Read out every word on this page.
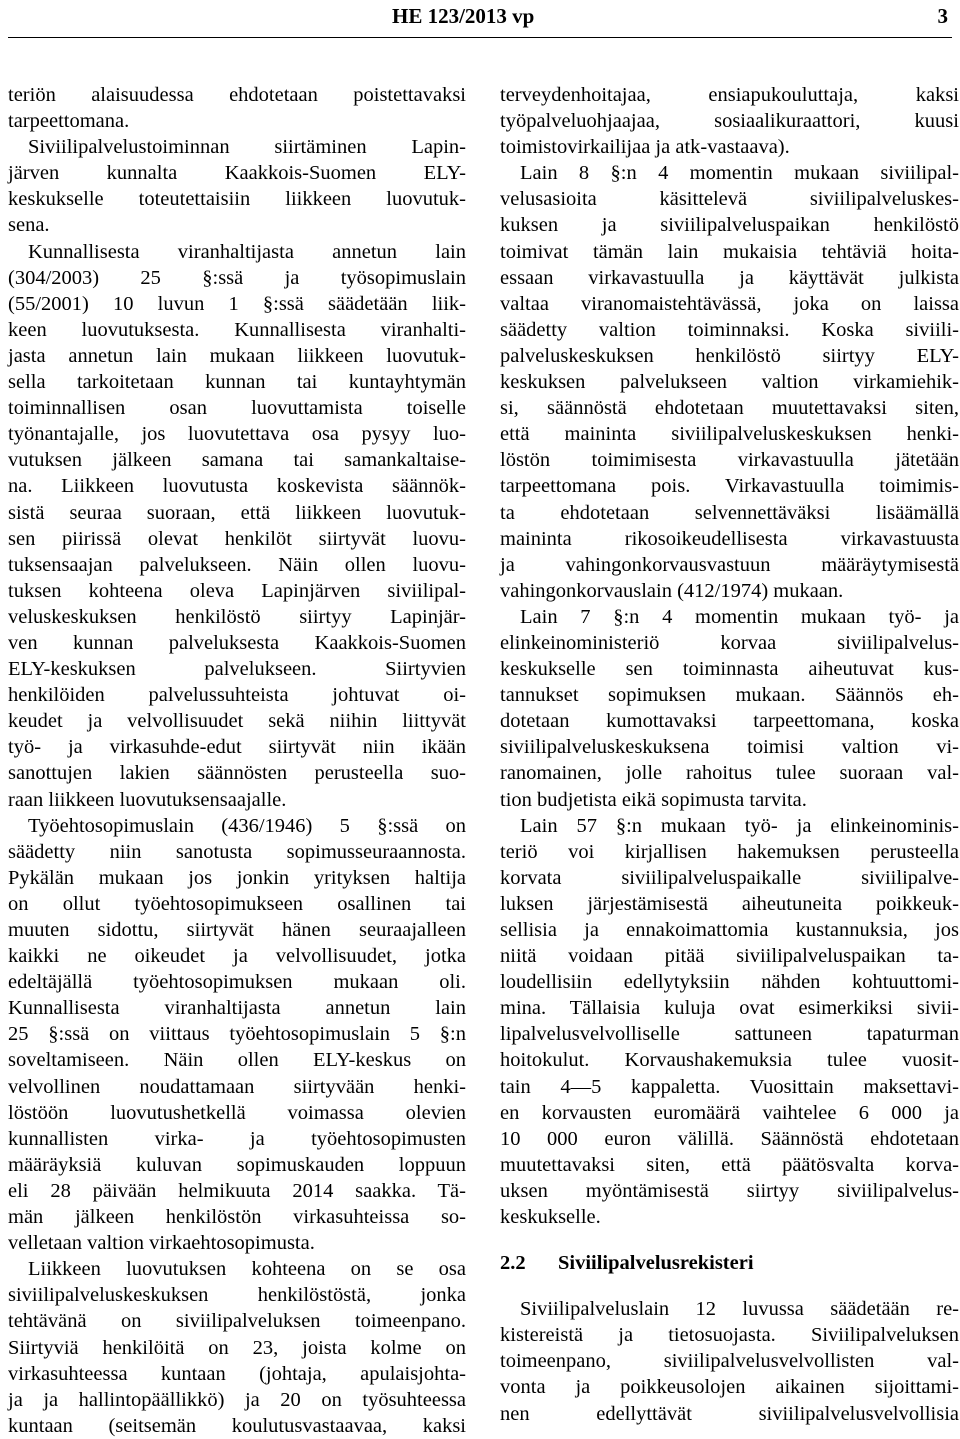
HE 123/2013 vp	3
teriön alaisuudessa ehdotetaan poistettavaksi
tarpeettomana.
Siviilipalvelustoiminnan siirtäminen Lapin-
järven kunnalta Kaakkois-Suomen ELY-
keskukselle toteutettaisiin liikkeen luovutuk-
sena.
Kunnallisesta viranhaltijasta annetun lain
(304/2003) 25 §:ssä ja työsopimuslain
(55/2001) 10 luvun 1 §:ssä säädetään liik-
keen luovutuksesta. Kunnallisesta viranhalti-
jasta annetun lain mukaan liikkeen luovutuk-
sella tarkoitetaan kunnan tai kuntayhtymän
toiminnallisen osan luovuttamista toiselle
työnantajalle, jos luovutettava osa pysyy luo-
vutuksen jälkeen samana tai samankaltaise-
na. Liikkeen luovutusta koskevista säännök-
sistä seuraa suoraan, että liikkeen luovutuk-
sen piirissä olevat henkilöt siirtyvät luovu-
tuksensaajan palvelukseen. Näin ollen luovu-
tuksen kohteena oleva Lapinjärven siviilipal-
veluskeskuksen henkilöstö siirtyy Lapinjär-
ven kunnan palveluksesta Kaakkois-Suomen
ELY-keskuksen palvelukseen. Siirtyvien
henkilöiden palvelussuhteista johtuvat oi-
keudet ja velvollisuudet sekä niihin liittyvät
työ- ja virkasuhde-edut siirtyvät niin ikään
sanottujen lakien säännösten perusteella suo-
raan liikkeen luovutuksensaajalle.
Työehtosopimuslain (436/1946) 5 §:ssä on
säädetty niin sanotusta sopimusseuraannosta.
Pykälän mukaan jos jonkin yrityksen haltija
on ollut työehtosopimukseen osallinen tai
muuten sidottu, siirtyvät hänen seuraajalleen
kaikki ne oikeudet ja velvollisuudet, jotka
edeltäjällä työehtosopimuksen mukaan oli.
Kunnallisesta viranhaltijasta annetun lain
25 §:ssä on viittaus työehtosopimuslain 5 §:n
soveltamiseen. Näin ollen ELY-keskus on
velvollinen noudattamaan siirtyvään henki-
löstöön luovutushetkellä voimassa olevien
kunnallisten virka- ja työehtosopimusten
määräyksiä kuluvan sopimuskauden loppuun
eli 28 päivään helmikuuta 2014 saakka. Tä-
män jälkeen henkilöstön virkasuhteissa so-
velletaan valtion virkaehtosopimusta.
Liikkeen luovutuksen kohteena on se osa
siviilipalveluskeskuksen henkilöstöstä, jonka
tehtävänä on siviilipalveluksen toimeenpano.
Siirtyviä henkilöitä on 23, joista kolme on
virkasuhteessa kuntaan (johtaja, apulaisjohta-
ja ja hallintopäällikkö) ja 20 on työsuhteessa
kuntaan (seitsemän koulutusvastaavaa, kaksi
terveydenhoitajaa, ensiapukouluttaja, kaksi
työpalveluohjaajaa, sosiaalikuraattori, kuusi
toimistovirkailijaa ja atk-vastaava).
Lain 8 §:n 4 momentin mukaan siviilipal-
velusasioita käsittelevä siviilipalveluskes-
kuksen ja siviilipalveluspaikan henkilöstö
toimivat tämän lain mukaisia tehtäviä hoita-
essaan virkavastuulla ja käyttävät julkista
valtaa viranomaistehtävässä, joka on laissa
säädetty valtion toiminnaksi. Koska siviili-
palveluskeskuksen henkilöstö siirtyy ELY-
keskuksen palvelukseen valtion virkamiehik-
si, säännöstä ehdotetaan muutettavaksi siten,
että maininta siviilipalveluskeskuksen henki-
löstön toimimisesta virkavastuulla jätetään
tarpeettomana pois. Virkavastuulla toimimis-
ta ehdotetaan selvennettäväksi lisäämällä
maininta rikosoikeudellisesta virkavastuusta
ja vahingonkorvausvastuun määräytymisestä
vahingonkorvauslain (412/1974) mukaan.
Lain 7 §:n 4 momentin mukaan työ- ja
elinkeinoministeriö korvaa siviilipalvelus-
keskukselle sen toiminnasta aiheutuvat kus-
tannukset sopimuksen mukaan. Säännös eh-
dotetaan kumottavaksi tarpeettomana, koska
siviilipalveluskeskuksena toimisi valtion vi-
ranomainen, jolle rahoitus tulee suoraan val-
tion budjetista eikä sopimusta tarvita.
Lain 57 §:n mukaan työ- ja elinkeinominis-
teriö voi kirjallisen hakemuksen perusteella
korvata siviilipalveluspaikalle siviilipalve-
luksen järjestämisestä aiheutuneita poikkeuk-
sellisia ja ennakoimattomia kustannuksia, jos
niitä voidaan pitää siviilipalveluspaikan ta-
loudellisiin edellytyksiin nähden kohtuuttomi-
mina. Tällaisia kuluja ovat esimerkiksi sivii-
lipalvelusvelvolliselle sattuneen tapaturman
hoitokulut. Korvaushakemuksia tulee vuosit-
tain 4—5 kappaletta. Vuosittain maksettavi-
en korvausten euromäärä vaihtelee 6 000 ja
10 000 euron välillä. Säännöstä ehdotetaan
muutettavaksi siten, että päätösvalta korva-
uksen myöntämisestä siirtyy siviilipalvelus-
keskukselle.
2.2 Siviilipalvelusrekisteri
Siviilipalveluslain 12 luvussa säädetään re-
kistereistä ja tietosuojasta. Siviilipalveluksen
toimeenpano, siviilipalvelusvelvollisten val-
vonta ja poikkeusolojen aikainen sijoittami-
nen edellyttävät siviilipalvelusvelvollisia
